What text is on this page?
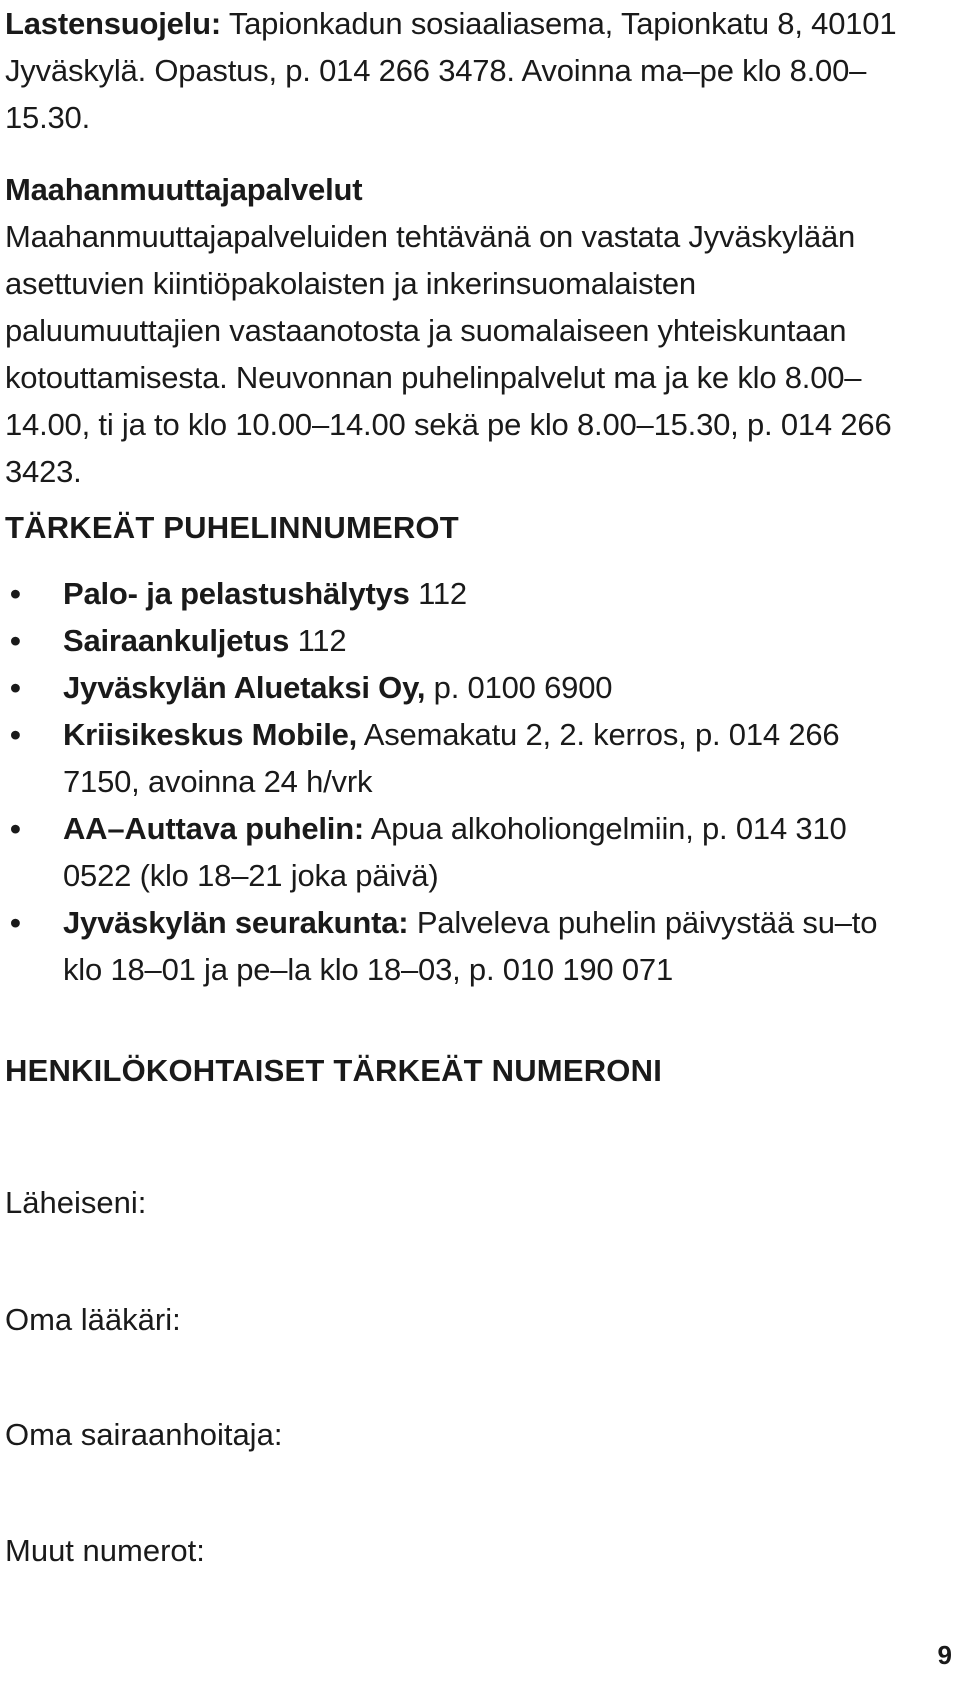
Lastensuojelu: Tapionkadun sosiaaliasema, Tapionkatu 8, 40101 Jyväskylä. Opastus, p. 014 266 3478. Avoinna ma–pe klo 8.00–15.30.

Maahanmuuttajapalvelut

Maahanmuuttajapalveluiden tehtävänä on vastata Jyväskylään asettuvien kiintiöpakolaisten ja inkerinsuomalaisten paluumuuttajien vastaanotosta ja suomalaiseen yhteiskuntaan kotouttamisesta. Neuvonnan puhelinpalvelut ma ja ke klo 8.00–14.00, ti ja to klo 10.00–14.00 sekä pe klo 8.00–15.30, p. 014 266 3423.

TÄRKEÄT PUHELINNUMEROT
• Palo- ja pelastushälytys 112
• Sairaankuljetus 112
• Jyväskylän Aluetaksi Oy, p. 0100 6900
• Kriisikeskus Mobile, Asemakatu 2, 2. kerros, p. 014 266 7150, avoinna 24 h/vrk
• AA–Auttava puhelin: Apua alkoholiongelmiin, p. 014 310 0522 (klo 18–21 joka päivä)
• Jyväskylän seurakunta: Palveleva puhelin päivystää su–to klo 18–01 ja pe–la klo 18–03, p. 010 190 071
HENKILÖKOHTAISET TÄRKEÄT NUMERONI

Läheiseni:

Oma lääkäri:

Oma sairaanhoitaja:

Muut numerot:

9
